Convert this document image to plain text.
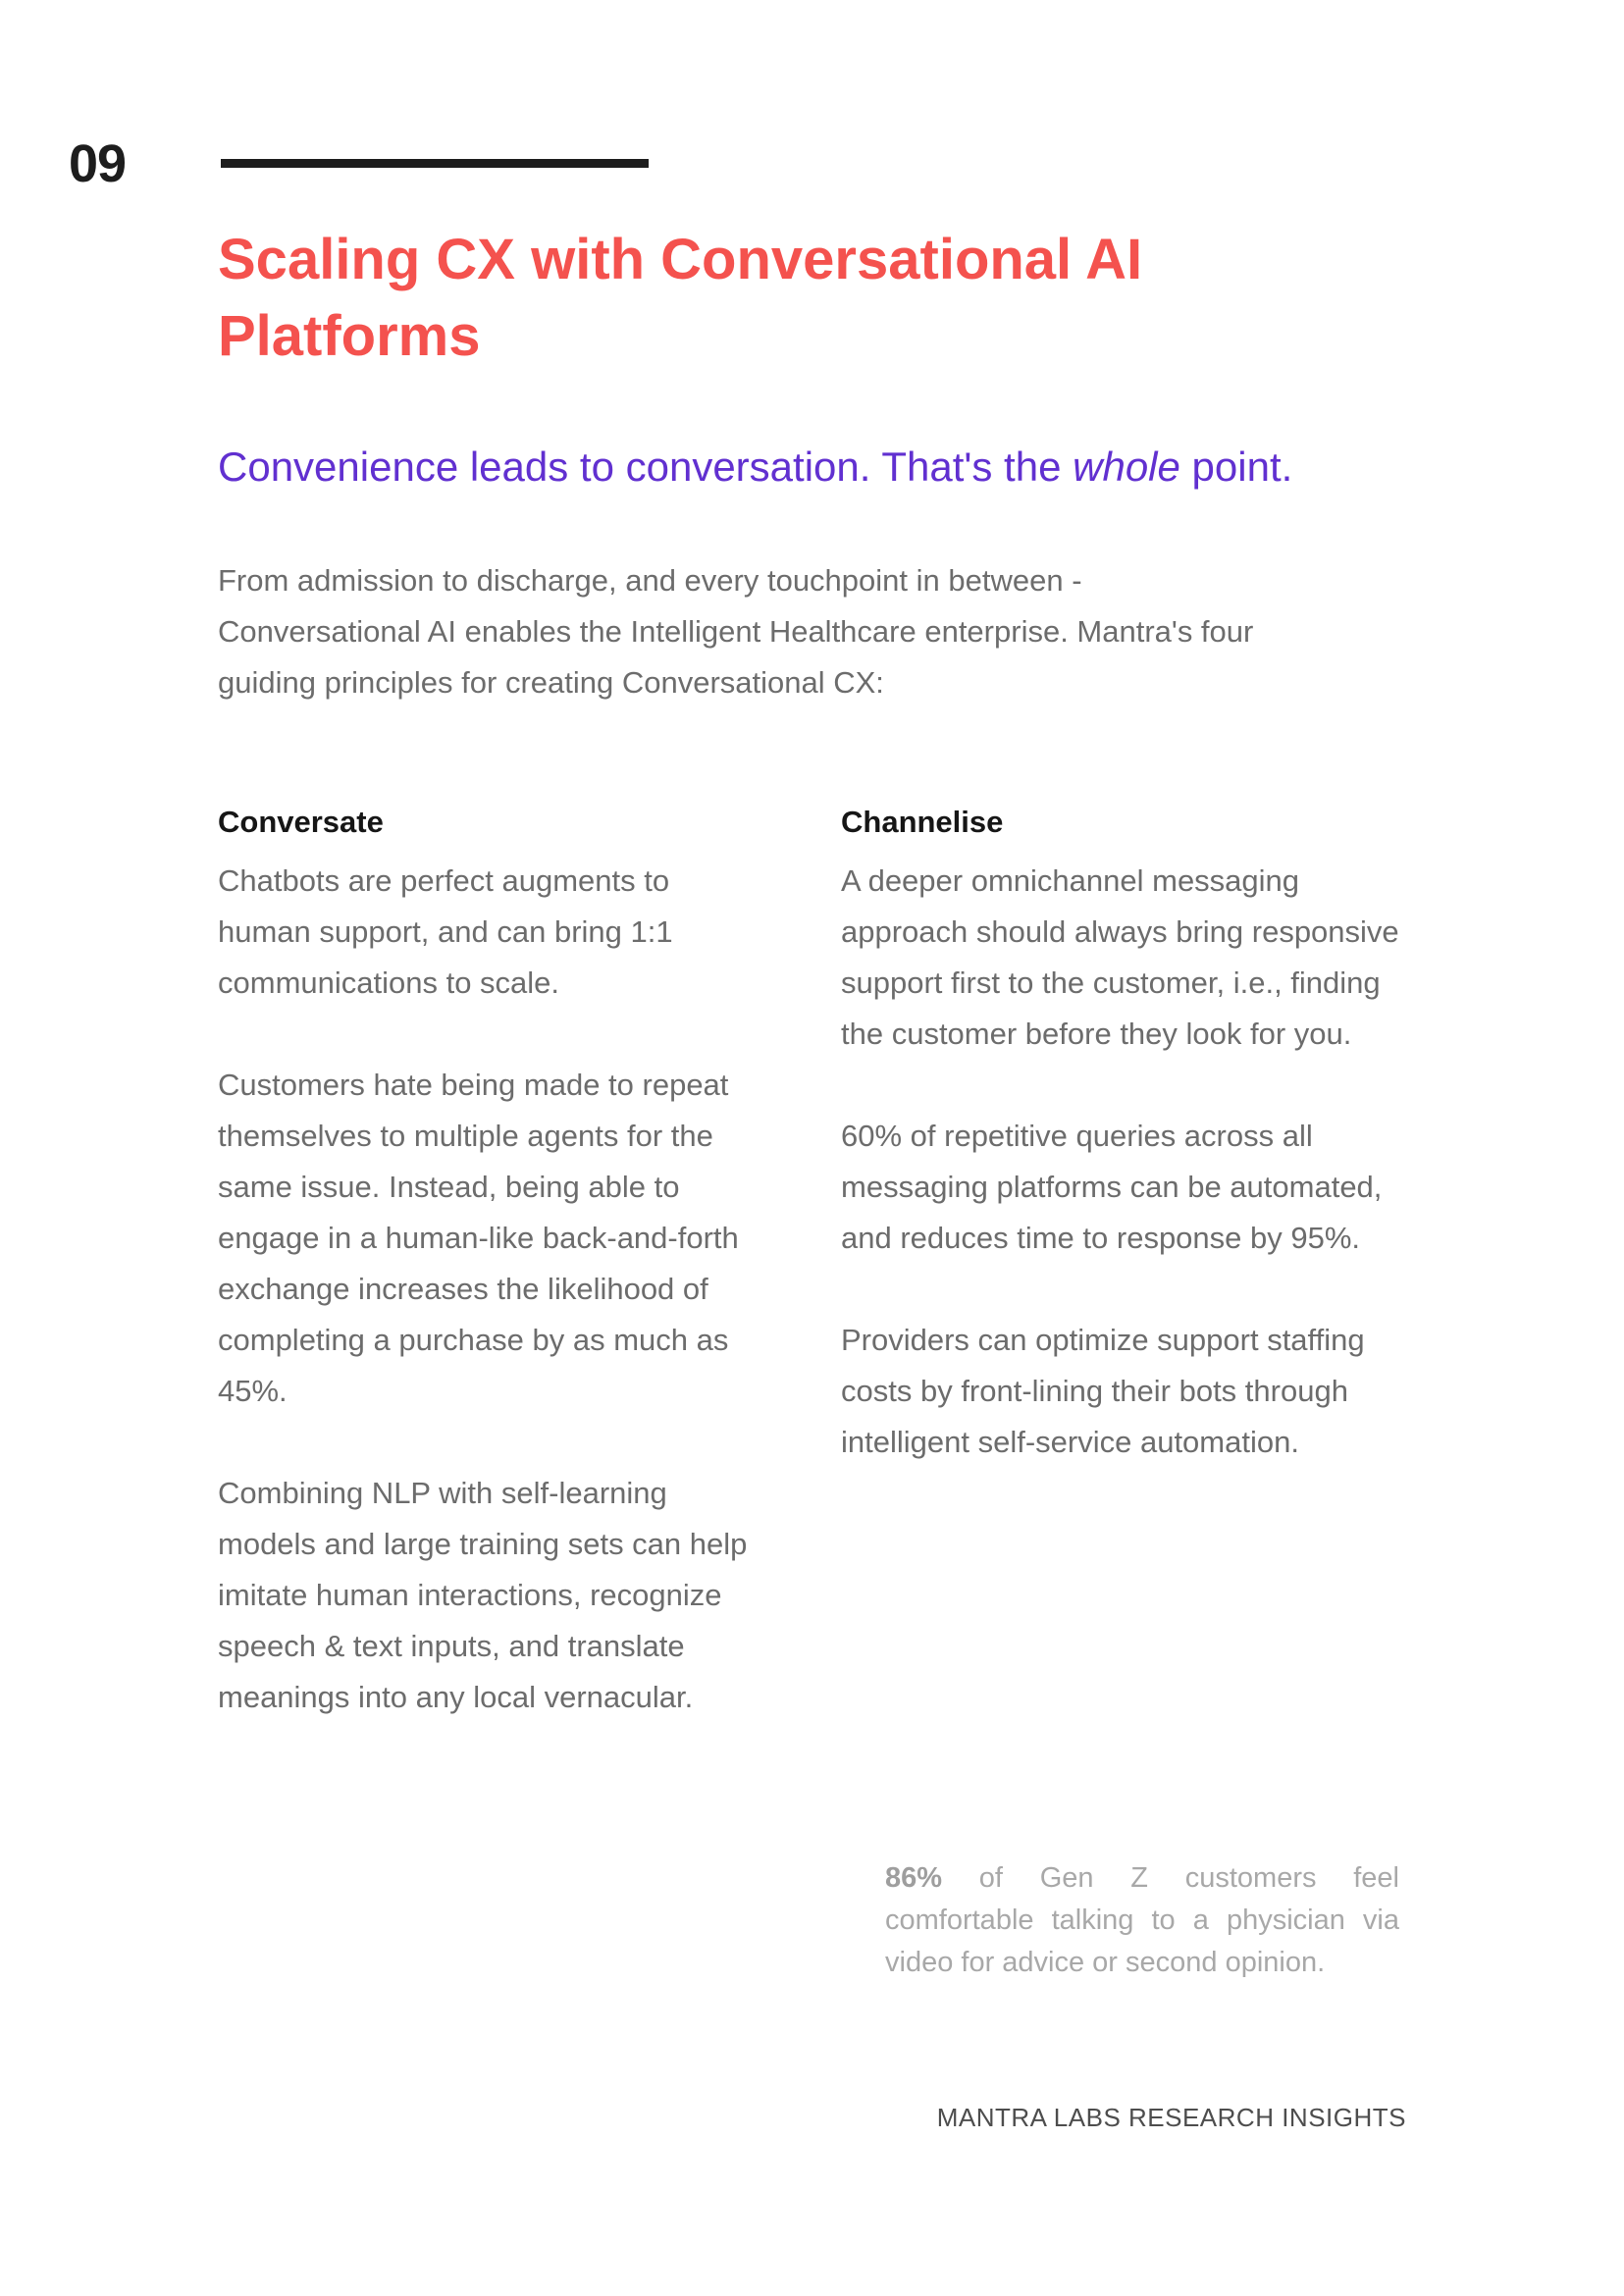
09
Scaling CX with Conversational AI Platforms
Convenience leads to conversation. That's the whole point.

From admission to discharge, and every touchpoint in between - Conversational AI enables the Intelligent Healthcare enterprise. Mantra's four guiding principles for creating Conversational CX:

Conversate

Chatbots are perfect augments to human support, and can bring 1:1 communications to scale.

Customers hate being made to repeat themselves to multiple agents for the same issue. Instead, being able to engage in a human-like back-and-forth exchange increases the likelihood of completing a purchase by as much as 45%.

Combining NLP with self-learning models and large training sets can help imitate human interactions, recognize speech & text inputs, and translate meanings into any local vernacular.

Channelise

A deeper omnichannel messaging approach should always bring responsive support first to the customer, i.e., finding the customer before they look for you.

60% of repetitive queries across all messaging platforms can be automated, and reduces time to response by 95%.

Providers can optimize support staffing costs by front-lining their bots through intelligent self-service automation.

86% of Gen Z customers feel comfortable talking to a physician via video for advice or second opinion.

MANTRA LABS RESEARCH INSIGHTS
